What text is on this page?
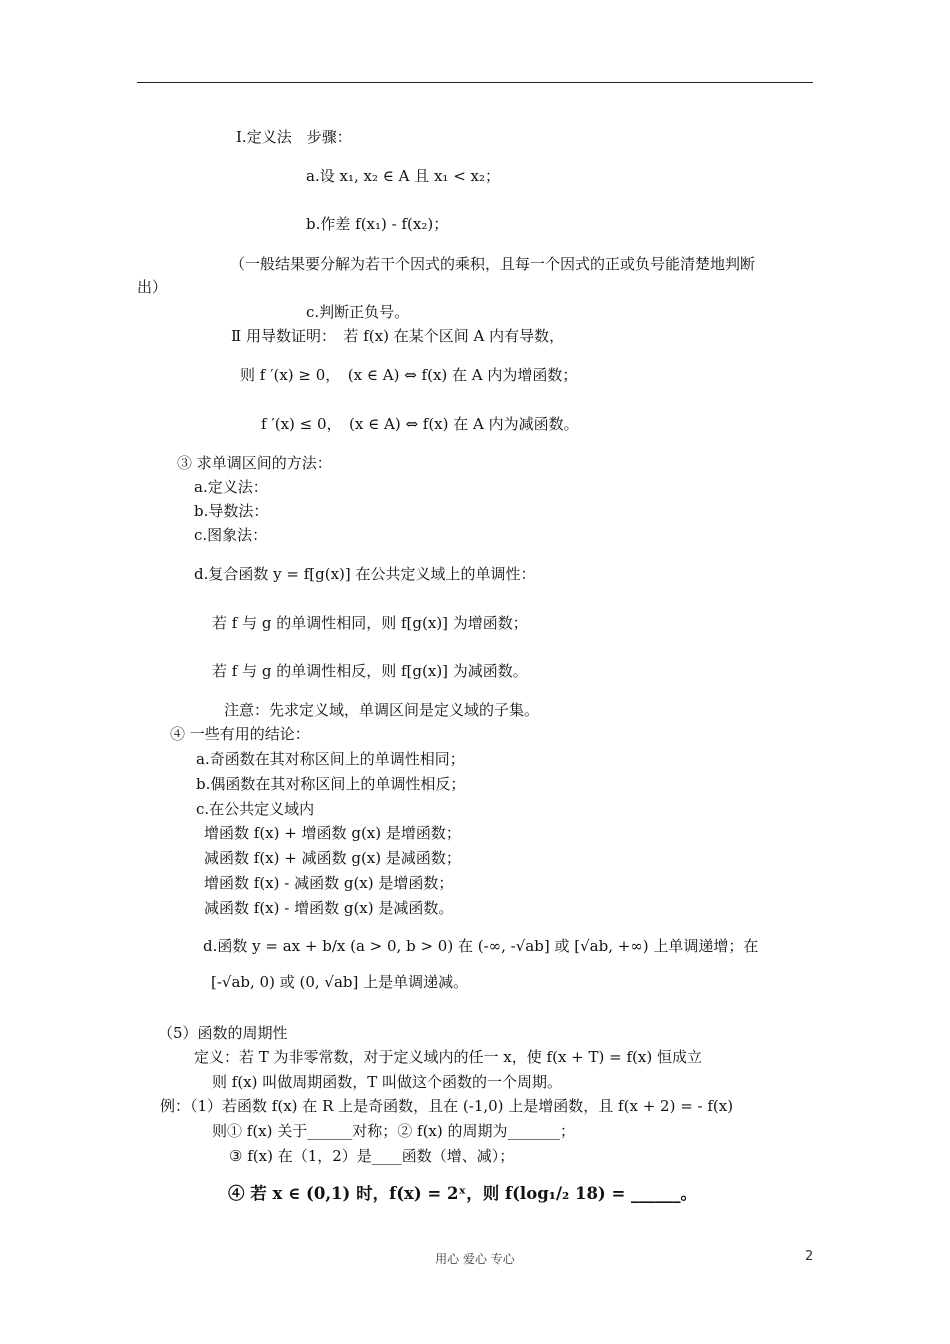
Ⅰ.定义法　步骤：
a.设 x₁, x₂ ∈ A 且 x₁ < x₂；
b.作差 f(x₁) - f(x₂)；
（一般结果要分解为若干个因式的乘积，且每一个因式的正或负号能清楚地判断
出）
c.判断正负号。
Ⅱ 用导数证明：　若 f(x) 在某个区间 A 内有导数，
则 f ′(x) ≥ 0，　(x ∈ A) ⇔ f(x) 在 A 内为增函数；
f ′(x) ≤ 0，　(x ∈ A) ⇔ f(x) 在 A 内为减函数。
③ 求单调区间的方法：
a.定义法：
b.导数法：
c.图象法：
d.复合函数 y = f[g(x)] 在公共定义域上的单调性：
若 f 与 g 的单调性相同，则 f[g(x)] 为增函数；
若 f 与 g 的单调性相反，则 f[g(x)] 为减函数。
注意：先求定义域，单调区间是定义域的子集。
④ 一些有用的结论：
a.奇函数在其对称区间上的单调性相同；
b.偶函数在其对称区间上的单调性相反；
c.在公共定义域内
增函数 f(x) + 增函数 g(x) 是增函数；
减函数 f(x) + 减函数 g(x) 是减函数；
增函数 f(x) - 减函数 g(x) 是增函数；
减函数 f(x) - 增函数 g(x) 是减函数。
d.函数 y = ax + b/x (a > 0, b > 0) 在 (-∞, -√ab] 或 [√ab, +∞) 上单调递增；在
[-√ab, 0) 或 (0, √ab] 上是单调递减。
（5）函数的周期性
定义：若 T 为非零常数，对于定义域内的任一 x，使 f(x + T) = f(x) 恒成立
则 f(x) 叫做周期函数，T 叫做这个函数的一个周期。
例：（1）若函数 f(x) 在 R 上是奇函数，且在 (-1,0) 上是增函数，且 f(x + 2) = - f(x)
则① f(x) 关于______对称；② f(x) 的周期为_______；
③ f(x) 在（1，2）是____函数（增、减）；
④ 若 x ∈ (0,1) 时，f(x) = 2ˣ，则 f(log₁/₂ 18) = ______。
用心 爱心 专心	2
